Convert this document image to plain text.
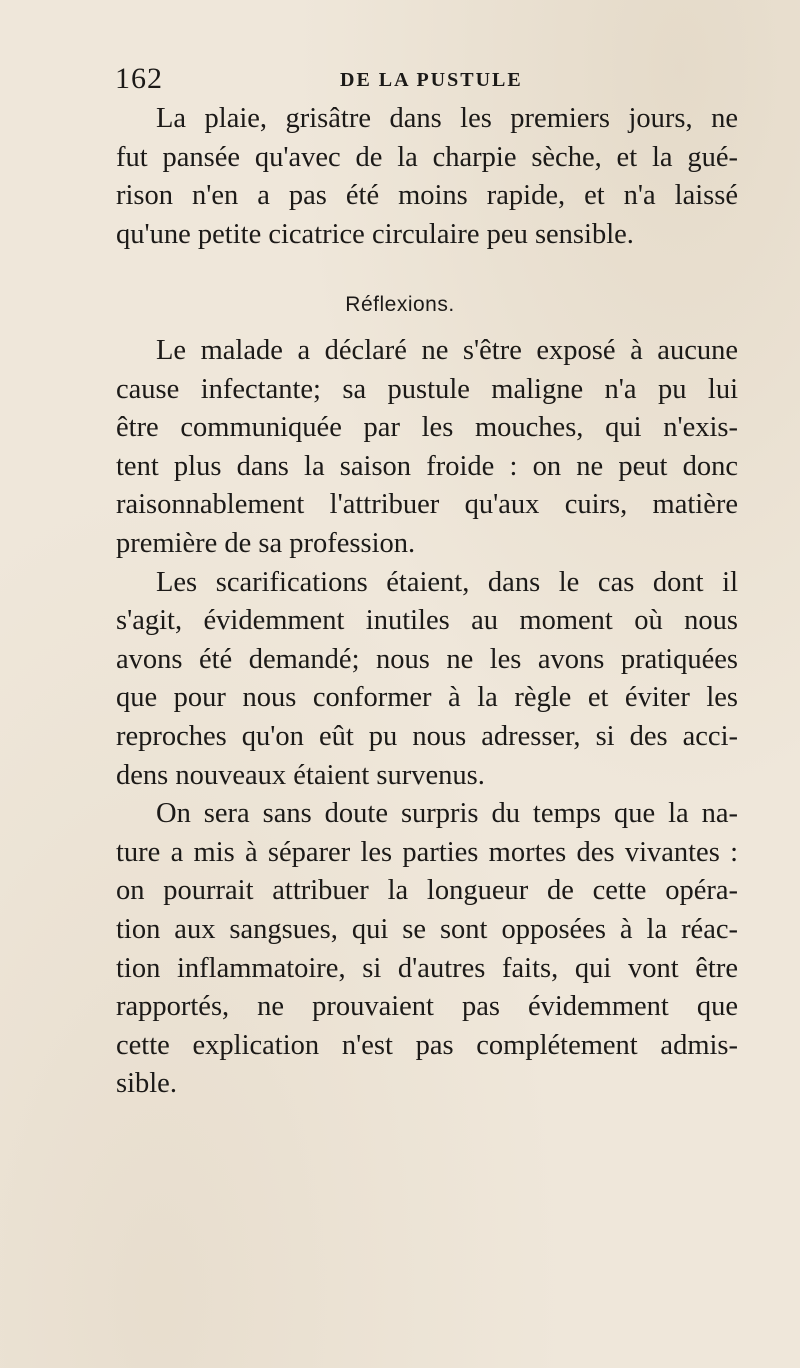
162	DE LA PUSTULE
La plaie, grisâtre dans les premiers jours, ne
fut pansée qu'avec de la charpie sèche, et la gué-
rison n'en a pas été moins rapide, et n'a laissé
qu'une petite cicatrice circulaire peu sensible.
Réflexions.
Le malade a déclaré ne s'être exposé à aucune
cause infectante; sa pustule maligne n'a pu lui
être communiquée par les mouches, qui n'exis-
tent plus dans la saison froide : on ne peut donc
raisonnablement l'attribuer qu'aux cuirs, matière
première de sa profession.
Les scarifications étaient, dans le cas dont il
s'agit, évidemment inutiles au moment où nous
avons été demandé; nous ne les avons pratiquées
que pour nous conformer à la règle et éviter les
reproches qu'on eût pu nous adresser, si des acci-
dens nouveaux étaient survenus.
On sera sans doute surpris du temps que la na-
ture a mis à séparer les parties mortes des vivantes :
on pourrait attribuer la longueur de cette opéra-
tion aux sangsues, qui se sont opposées à la réac-
tion inflammatoire, si d'autres faits, qui vont être
rapportés, ne prouvaient pas évidemment que
cette explication n'est pas complétement admis-
sible.
